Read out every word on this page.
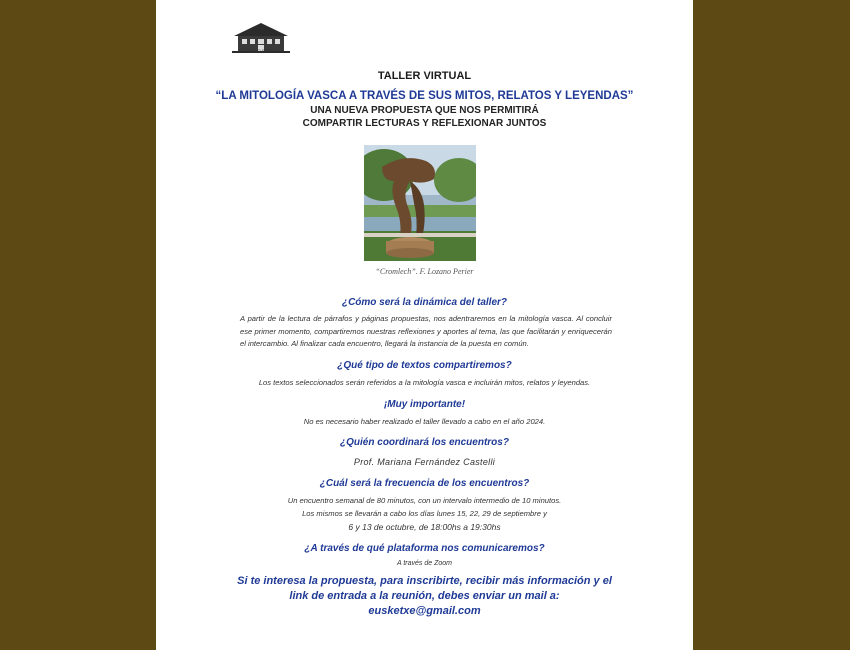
EUSKO ETXEA
TALLER VIRTUAL
“LA MITOLOGÍA VASCA A TRAVÉS DE SUS MITOS, RELATOS Y LEYENDAS”
UNA NUEVA PROPUESTA QUE NOS PERMITIRÁ
COMPARTIR LECTURAS Y REFLEXIONAR JUNTOS
“Cromlech”. F. Lozano Perier
¿Cómo será la dinámica del taller?
A partir de la lectura de párrafos y páginas propuestas, nos adentraremos en la mitología vasca. Al concluir ese primer momento, compartiremos nuestras reflexiones y aportes al tema, las que facilitarán y enriquecerán el intercambio. Al finalizar cada encuentro, llegará la instancia de la puesta en común.
¿Qué tipo de textos compartiremos?
Los textos seleccionados serán referidos a la mitología vasca e incluirán mitos, relatos y leyendas.
¡Muy importante!
No es necesario haber realizado el taller llevado a cabo en el año 2024.
¿Quién coordinará los encuentros?
Prof. Mariana Fernández Castelli
¿Cuál será la frecuencia de los encuentros?
Un encuentro semanal de 80 minutos, con un intervalo intermedio de 10 minutos.
Los mismos se llevarán a cabo los días lunes 15, 22, 29 de septiembre y
6 y 13 de octubre, de 18:00hs a 19:30hs
¿A través de qué plataforma nos comunicaremos?
A través de Zoom
Si te interesa la propuesta, para inscribirte, recibir más información y el
link de entrada a la reunión, debes enviar un mail a:
eusketxe@gmail.com
